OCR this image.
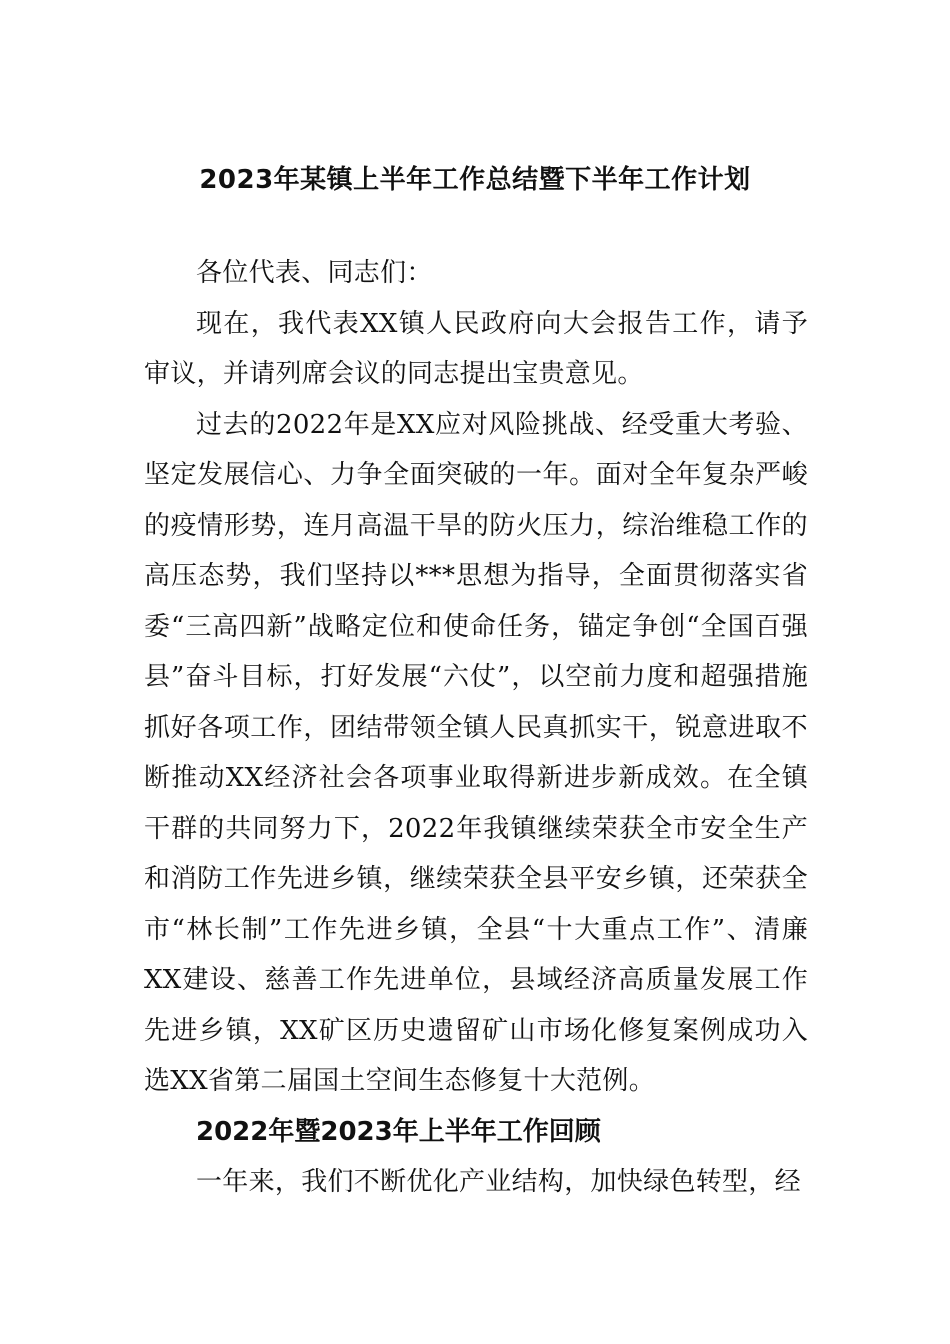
2023年某镇上半年工作总结暨下半年工作计划

各位代表、同志们：

现在，我代表XX镇人民政府向大会报告工作，请予审议，并请列席会议的同志提出宝贵意见。

过去的2022年是XX应对风险挑战、经受重大考验、坚定发展信心、力争全面突破的一年。面对全年复杂严峻的疫情形势，连月高温干旱的防火压力，综治维稳工作的高压态势，我们坚持以***思想为指导，全面贯彻落实省委“三高四新”战略定位和使命任务，锚定争创“全国百强县”奋斗目标，打好发展“六仗”，以空前力度和超强措施抓好各项工作，团结带领全镇人民真抓实干，锐意进取不断推动XX经济社会各项事业取得新进步新成效。在全镇干群的共同努力下，2022年我镇继续荣获全市安全生产和消防工作先进乡镇，继续荣获全县平安乡镇，还荣获全市“林长制”工作先进乡镇，全县“十大重点工作”、清廉XX建设、慈善工作先进单位，县域经济高质量发展工作先进乡镇，XX矿区历史遗留矿山市场化修复案例成功入选XX省第二届国土空间生态修复十大范例。

2022年暨2023年上半年工作回顾

一年来，我们不断优化产业结构，加快绿色转型，经
